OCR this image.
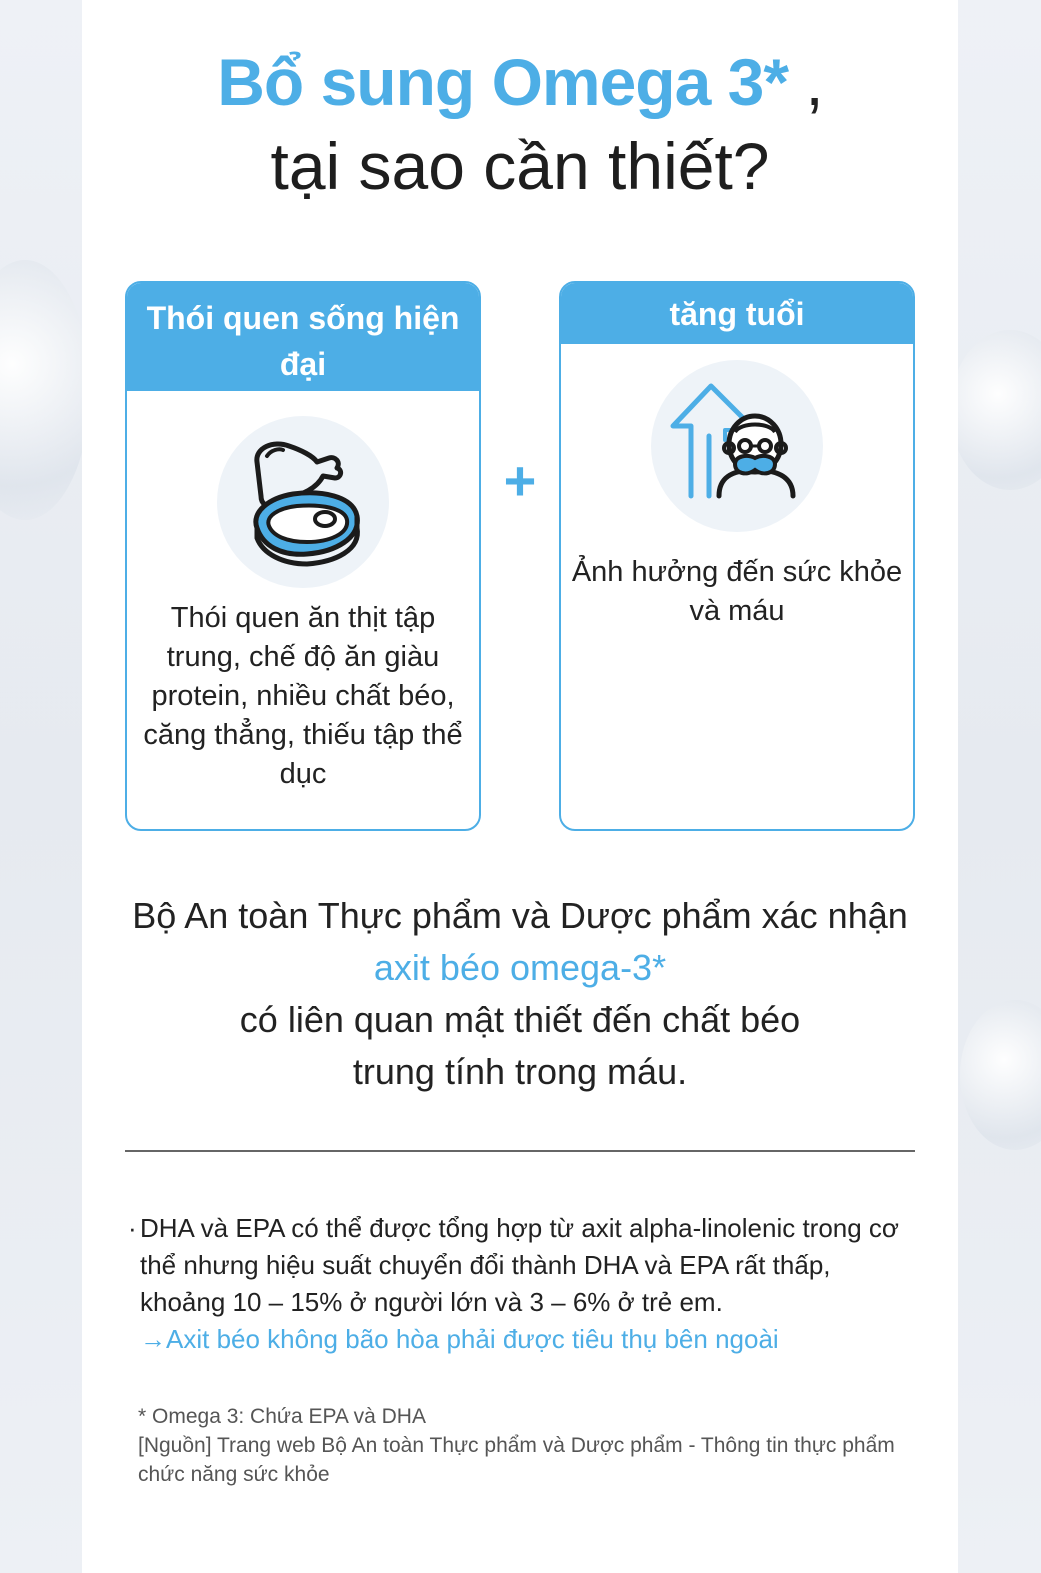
Bổ sung Omega 3* ,
tại sao cần thiết?
Thói quen sống hiện đại
Thói quen ăn thịt tập trung, chế độ ăn giàu protein, nhiều chất béo, căng thẳng, thiếu tập thể dục
+
tăng tuổi
Ảnh hưởng đến sức khỏe và máu
Bộ An toàn Thực phẩm và Dược phẩm xác nhận
axit béo omega-3*
có liên quan mật thiết đến chất béo trung tính trong máu.
· DHA và EPA có thể được tổng hợp từ axit alpha-linolenic trong cơ thể nhưng hiệu suất chuyển đổi thành DHA và EPA rất thấp, khoảng 10 – 15% ở người lớn và 3 – 6% ở trẻ em.
→Axit béo không bão hòa phải được tiêu thụ bên ngoài
* Omega 3: Chứa EPA và DHA
[Nguồn] Trang web Bộ An toàn Thực phẩm và Dược phẩm - Thông tin thực phẩm chức năng sức khỏe
